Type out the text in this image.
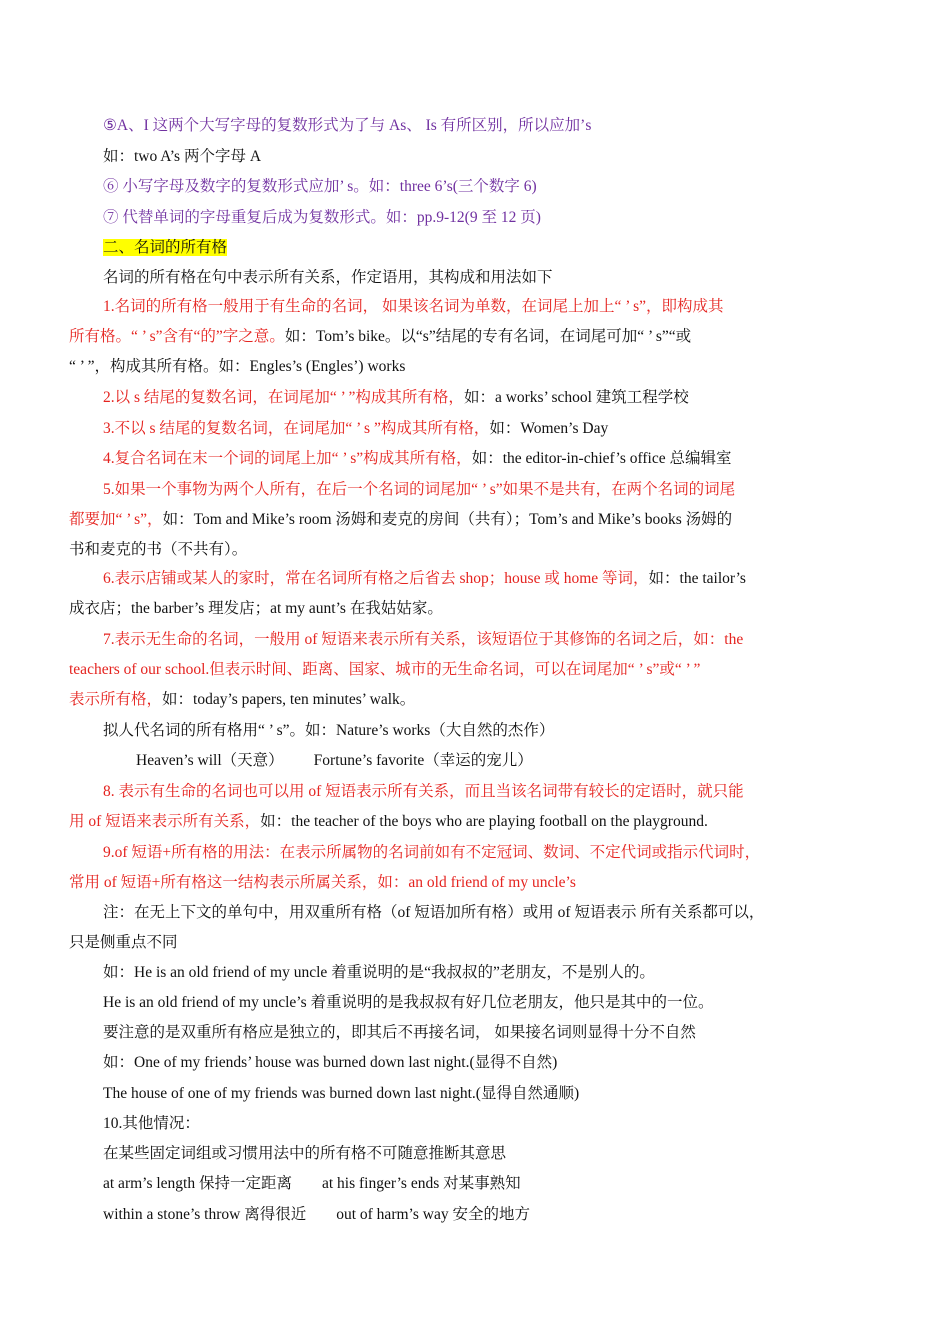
⑤A、I 这两个大写字母的复数形式为了与 As、 Is 有所区别，所以应加’s
如：two A’s 两个字母 A
⑥ 小写字母及数字的复数形式应加’ s。如：three 6’s(三个数字 6)
⑦ 代替单词的字母重复后成为复数形式。如：pp.9-12(9 至 12 页)
二、名词的所有格
名词的所有格在句中表示所有关系，作定语用，其构成和用法如下
1.名词的所有格一般用于有生命的名词， 如果该名词为单数，在词尾上加上“ ’ s”，即构成其
所有格。“ ’ s”含有“的”字之意。如：Tom’s bike。以“s”结尾的专有名词，在词尾可加“ ’ s”“或
“ ’ ”，构成其所有格。如：Engles’s (Engles’) works
2.以 s 结尾的复数名词，在词尾加“ ’ ”构成其所有格，如：a works’ school 建筑工程学校
3.不以 s 结尾的复数名词，在词尾加“ ’ s ”构成其所有格，如：Women’s Day
4.复合名词在末一个词的词尾上加“ ’ s”构成其所有格，如：the editor-in-chief’s office 总编辑室
5.如果一个事物为两个人所有，在后一个名词的词尾加“ ’ s”如果不是共有，在两个名词的词尾
都要加“ ’ s”，如：Tom and Mike’s room 汤姆和麦克的房间（共有）；Tom’s and Mike’s books 汤姆的
书和麦克的书（不共有）。
6.表示店铺或某人的家时，常在名词所有格之后省去 shop；house 或 home 等词，如：the tailor’s
成衣店；the barber’s 理发店；at my aunt’s 在我姑姑家。
7.表示无生命的名词，一般用 of 短语来表示所有关系，该短语位于其修饰的名词之后，如：the
teachers of our school.但表示时间、距离、国家、城市的无生命名词，可以在词尾加“ ’ s”或“ ’ ”
表示所有格，如：today’s papers, ten minutes’ walk。
拟人代名词的所有格用“ ’ s”。如：Nature’s works（大自然的杰作）
Heaven’s will（天意） Fortune’s favorite（幸运的宠儿）
8. 表示有生命的名词也可以用 of 短语表示所有关系，而且当该名词带有较长的定语时，就只能
用 of 短语来表示所有关系，如：the teacher of the boys who are playing football on the playground.
9.of 短语+所有格的用法：在表示所属物的名词前如有不定冠词、数词、不定代词或指示代词时，
常用 of 短语+所有格这一结构表示所属关系，如：an old friend of my uncle’s
注：在无上下文的单句中，用双重所有格（of 短语加所有格）或用 of 短语表示 所有关系都可以，
只是侧重点不同
如：He is an old friend of my uncle 着重说明的是“我叔叔的”老朋友，不是别人的。
He is an old friend of my uncle’s 着重说明的是我叔叔有好几位老朋友，他只是其中的一位。
要注意的是双重所有格应是独立的，即其后不再接名词， 如果接名词则显得十分不自然
如：One of my friends’ house was burned down last night.(显得不自然)
The house of one of my friends was burned down last night.(显得自然通顺)
10.其他情况：
在某些固定词组或习惯用法中的所有格不可随意推断其意思
at arm’s length 保持一定距离 at his finger’s ends 对某事熟知
within a stone’s throw 离得很近 out of harm’s way 安全的地方
